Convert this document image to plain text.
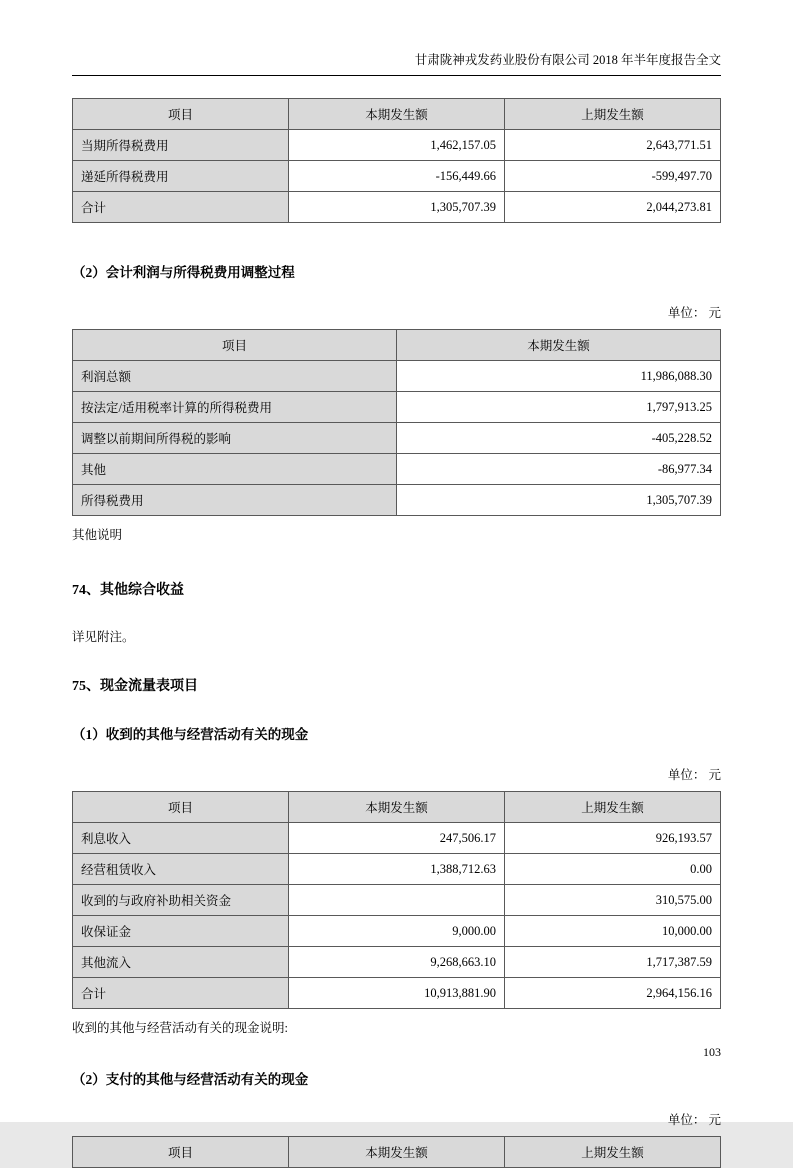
甘肃陇神戎发药业股份有限公司 2018 年半年度报告全文
项目	本期发生额	上期发生额
当期所得税费用	1,462,157.05	2,643,771.51
递延所得税费用	-156,449.66	-599,497.70
合计	1,305,707.39	2,044,273.81
（2）会计利润与所得税费用调整过程
单位： 元
项目	本期发生额
利润总额	11,986,088.30
按法定/适用税率计算的所得税费用	1,797,913.25
调整以前期间所得税的影响	-405,228.52
其他	-86,977.34
所得税费用	1,305,707.39
其他说明
74、其他综合收益
详见附注。
75、现金流量表项目
（1）收到的其他与经营活动有关的现金
单位： 元
项目	本期发生额	上期发生额
利息收入	247,506.17	926,193.57
经营租赁收入	1,388,712.63	0.00
收到的与政府补助相关资金		310,575.00
收保证金	9,000.00	10,000.00
其他流入	9,268,663.10	1,717,387.59
合计	10,913,881.90	2,964,156.16
收到的其他与经营活动有关的现金说明:
（2）支付的其他与经营活动有关的现金
单位： 元
项目	本期发生额	上期发生额
103
